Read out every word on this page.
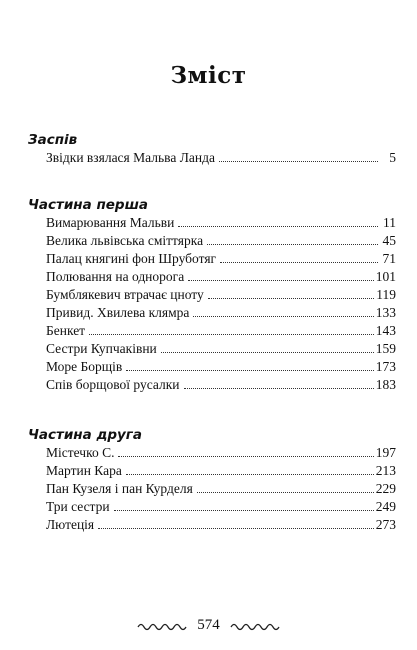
Зміст
Заспів
Звідки взялася Мальва Ланда	5
Частина перша
Вимарювання Мальви	11
Велика львівська сміттярка	45
Палац княгині фон Шруботяг	71
Полювання на однорога	101
Бумблякевич втрачає цноту	119
Привид. Хвилева клямра	133
Бенкет	143
Сестри Купчаківни	159
Море Борщів	173
Спів борщової русалки	183
Частина друга
Містечко С.	197
Мартин Кара	213
Пан Кузеля і пан Курделя	229
Три сестри	249
Лютеція	273
574
